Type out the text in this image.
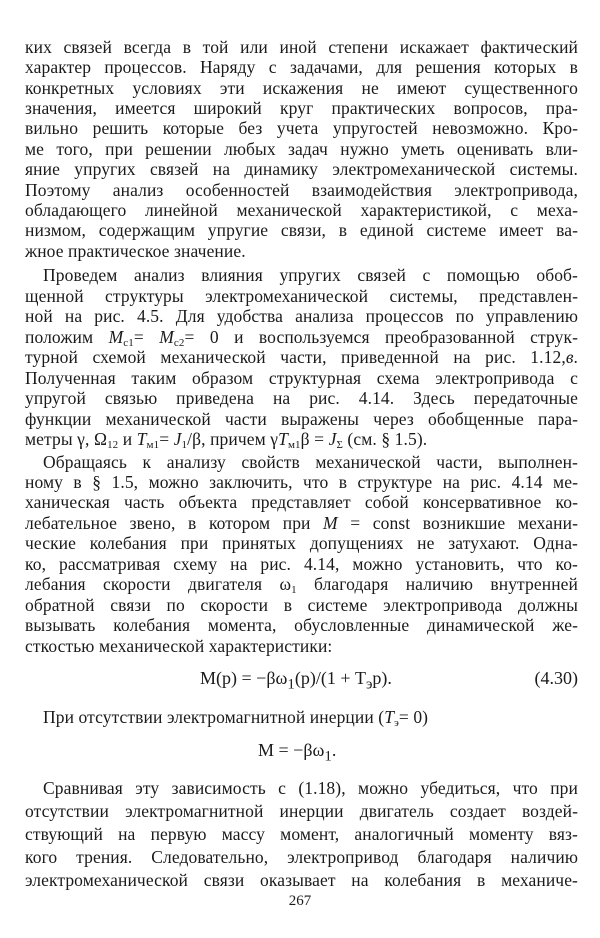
ких связей всегда в той или иной степени искажает фактический
характер процессов. Наряду с задачами, для решения которых в
конкретных условиях эти искажения не имеют существенного
значения, имеется широкий круг практических вопросов, пра-
вильно решить которые без учета упругостей невозможно. Кро-
ме того, при решении любых задач нужно уметь оценивать вли-
яние упругих связей на динамику электромеханической системы.
Поэтому анализ особенностей взаимодействия электропривода,
обладающего линейной механической характеристикой, с меха-
низмом, содержащим упругие связи, в единой системе имеет ва-
жное практическое значение.
Проведем анализ влияния упругих связей с помощью обоб-
щенной структуры электромеханической системы, представлен-
ной на рис. 4.5. Для удобства анализа процессов по управлению
положим $M_{c1}= M_{c2}= 0$ и воспользуемся преобразованной струк-
турной схемой механической части, приведенной на рис. 1.12,в.
Полученная таким образом структурная схема электропривода с
упругой связью приведена на рис. 4.14. Здесь передаточные
функции механической части выражены через обобщенные пара-
метры γ, $\Omega_{12}$ и $T_{м1}= J_1/\beta$, причем $\gamma T_{м1}\beta = J_\Sigma$ (см. § 1.5).
Обращаясь к анализу свойств механической части, выполнен-
ному в § 1.5, можно заключить, что в структуре на рис. 4.14 ме-
ханическая часть объекта представляет собой консервативное ко-
лебательное звено, в котором при M = const возникшие механи-
ческие колебания при принятых допущениях не затухают. Одна-
ко, рассматривая схему на рис. 4.14, можно установить, что ко-
лебания скорости двигателя $\omega_1$ благодаря наличию внутренней
обратной связи по скорости в системе электропривода должны
вызывать колебания момента, обусловленные динамической же-
сткостью механической характеристики:
При отсутствии электромагнитной инерции $(T_э= 0)$
Сравнивая эту зависимость с (1.18), можно убедиться, что при
отсутствии электромагнитной инерции двигатель создает воздей-
ствующий на первую массу момент, аналогичный моменту вяз-
кого трения. Следовательно, электропривод благодаря наличию
электромеханической связи оказывает на колебания в механиче-
$M(p) = -\beta\omega_1(p)/(1 + T_эp)$.	(4.30)
$M = -\beta\omega_1$.
267
